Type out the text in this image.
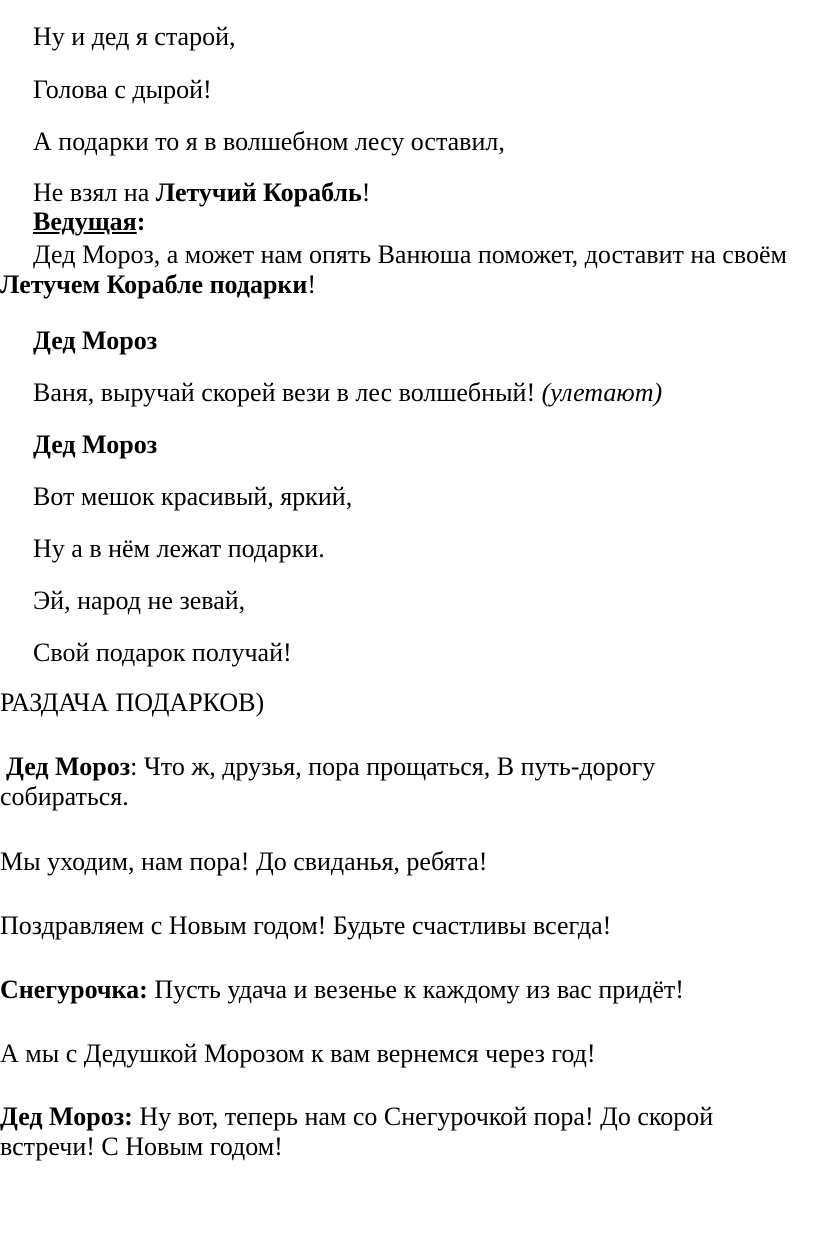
Ну и дед я старой,

Голова с дырой!

А подарки то я в волшебном лесу оставил,

Не взял на Летучий Корабль!

Ведущая:

Дед Мороз, а может нам опять Ванюша поможет, доставит на своём Летучем Корабле подарки!

Дед Мороз

Ваня, выручай скорей вези в лес волшебный! (улетают)

Дед Мороз

Вот мешок красивый, яркий,

Ну а в нём лежат подарки.

Эй, народ не зевай,

Свой подарок получай!

РАЗДАЧА ПОДАРКОВ)

Дед Мороз: Что ж, друзья, пора прощаться, В путь-дорогу собираться.

Мы уходим, нам пора! До свиданья, ребята!

Поздравляем с Новым годом! Будьте счастливы всегда!

Снегурочка: Пусть удача и везенье к каждому из вас придёт!

А мы с Дедушкой Морозом к вам вернемся через год!

Дед Мороз: Ну вот, теперь нам со Снегурочкой пора! До скорой встречи! С Новым годом!
